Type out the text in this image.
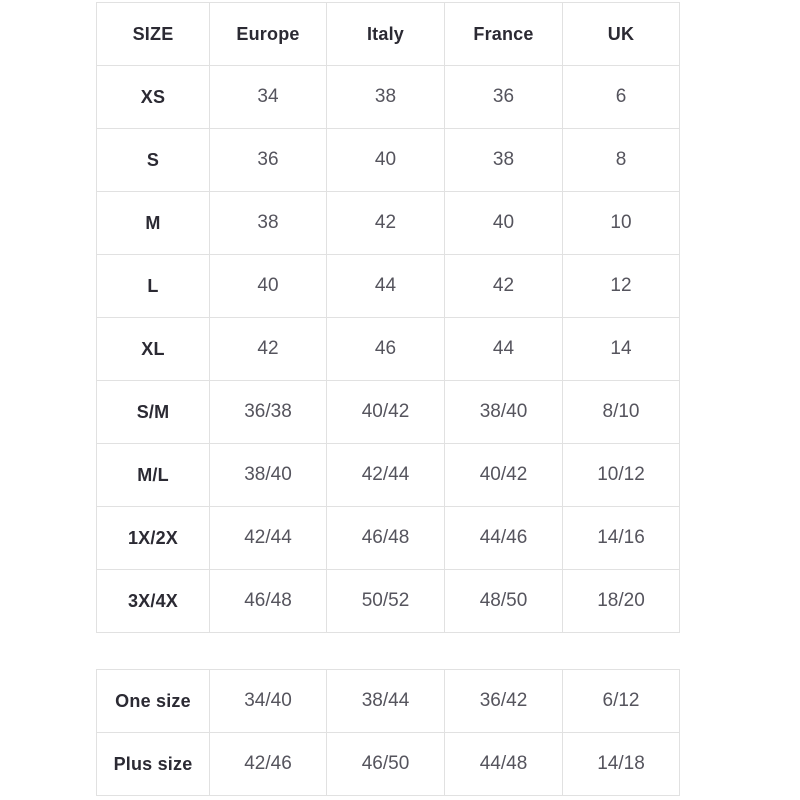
SIZE	Europe	Italy	France	UK
XS	34	38	36	6
S	36	40	38	8
M	38	42	40	10
L	40	44	42	12
XL	42	46	44	14
S/M	36/38	40/42	38/40	8/10
M/L	38/40	42/44	40/42	10/12
1X/2X	42/44	46/48	44/46	14/16
3X/4X	46/48	50/52	48/50	18/20
One size	34/40	38/44	36/42	6/12
Plus size	42/46	46/50	44/48	14/18
